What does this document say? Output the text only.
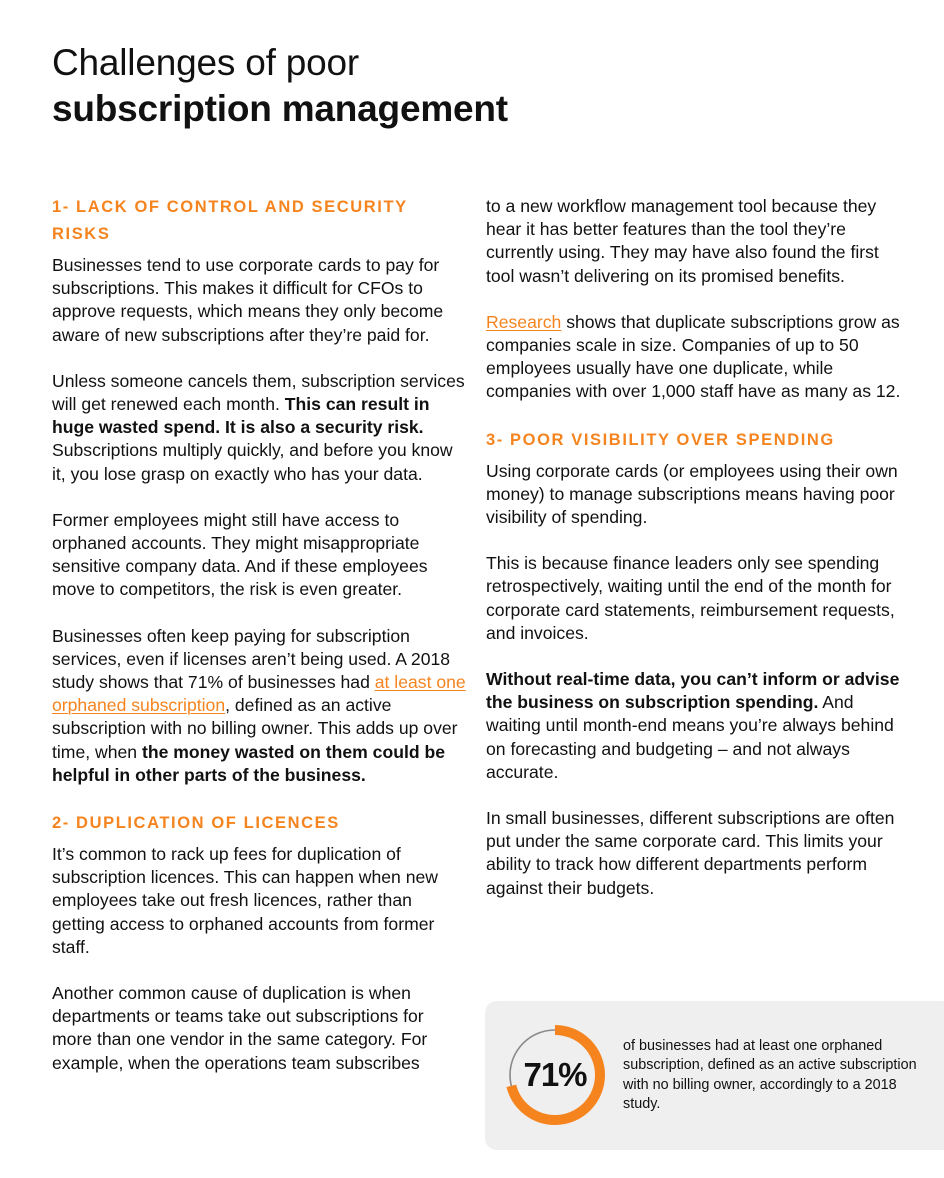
Challenges of poor
subscription management
1- LACK OF CONTROL AND SECURITY RISKS

Businesses tend to use corporate cards to pay for subscriptions. This makes it difficult for CFOs to approve requests, which means they only become aware of new subscriptions after they’re paid for.

Unless someone cancels them, subscription services will get renewed each month. This can result in huge wasted spend. It is also a security risk. Subscriptions multiply quickly, and before you know it, you lose grasp on exactly who has your data.

Former employees might still have access to orphaned accounts. They might misappropriate sensitive company data. And if these employees move to competitors, the risk is even greater.

Businesses often keep paying for subscription services, even if licenses aren’t being used. A 2018 study shows that 71% of businesses had at least one orphaned subscription, defined as an active subscription with no billing owner. This adds up over time, when the money wasted on them could be helpful in other parts of the business.

2- DUPLICATION OF LICENCES

It’s common to rack up fees for duplication of subscription licences. This can happen when new employees take out fresh licences, rather than getting access to orphaned accounts from former staff.

Another common cause of duplication is when departments or teams take out subscriptions for more than one vendor in the same category. For example, when the operations team subscribes

to a new workflow management tool because they hear it has better features than the tool they’re currently using. They may have also found the first tool wasn’t delivering on its promised benefits.

Research shows that duplicate subscriptions grow as companies scale in size. Companies of up to 50 employees usually have one duplicate, while companies with over 1,000 staff have as many as 12.

3- POOR VISIBILITY OVER SPENDING

Using corporate cards (or employees using their own money) to manage subscriptions means having poor visibility of spending.

This is because finance leaders only see spending retrospectively, waiting until the end of the month for corporate card statements, reimbursement requests, and invoices.

Without real-time data, you can’t inform or advise the business on subscription spending. And waiting until month-end means you’re always behind on forecasting and budgeting – and not always accurate.

In small businesses, different subscriptions are often put under the same corporate card. This limits your ability to track how different departments perform against their budgets.

71%

of businesses had at least one orphaned subscription, defined as an active subscription with no billing owner, accordingly to a 2018 study.
